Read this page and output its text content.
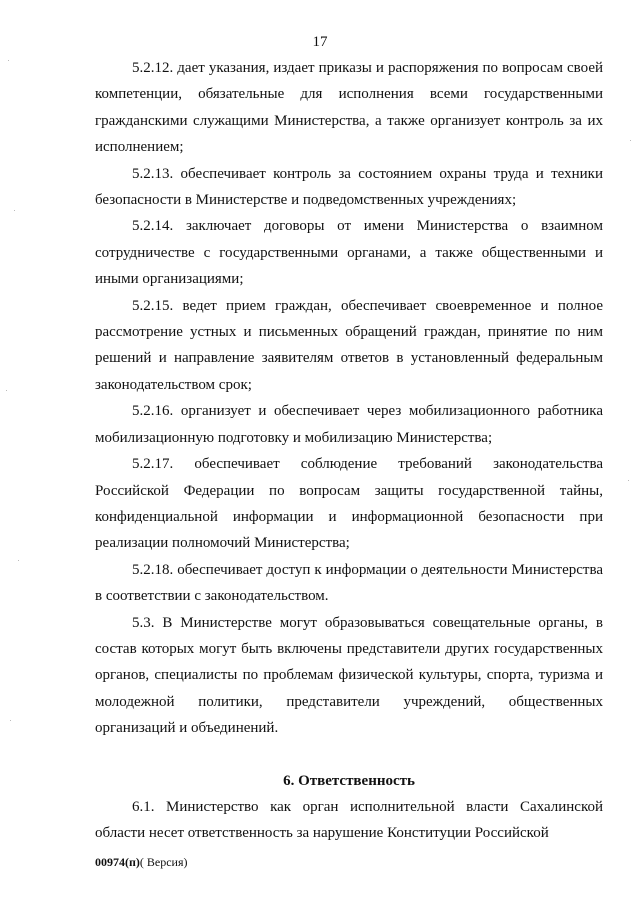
17

5.2.12. дает указания, издает приказы и распоряжения по вопросам своей компетенции, обязательные для исполнения всеми государственными гражданскими служащими Министерства, а также организует контроль за их исполнением;

5.2.13. обеспечивает контроль за состоянием охраны труда и техники безопасности в Министерстве и подведомственных учреждениях;

5.2.14. заключает договоры от имени Министерства о взаимном сотрудничестве с государственными органами, а также общественными и иными организациями;

5.2.15. ведет прием граждан, обеспечивает своевременное и полное рассмотрение устных и письменных обращений граждан, принятие по ним решений и направление заявителям ответов в установленный федеральным законодательством срок;

5.2.16. организует и обеспечивает через мобилизационного работника мобилизационную подготовку и мобилизацию Министерства;

5.2.17. обеспечивает соблюдение требований законодательства Российской Федерации по вопросам защиты государственной тайны, конфиденциальной информации и информационной безопасности при реализации полномочий Министерства;

5.2.18. обеспечивает доступ к информации о деятельности Министерства в соответствии с законодательством.

5.3. В Министерстве могут образовываться совещательные органы, в состав которых могут быть включены представители других государственных органов, специалисты по проблемам физической культуры, спорта, туризма и молодежной политики, представители учреждений, общественных организаций и объединений.

6. Ответственность

6.1. Министерство как орган исполнительной власти Сахалинской области несет ответственность за нарушение Конституции Российской

00974(п)( Версия)
